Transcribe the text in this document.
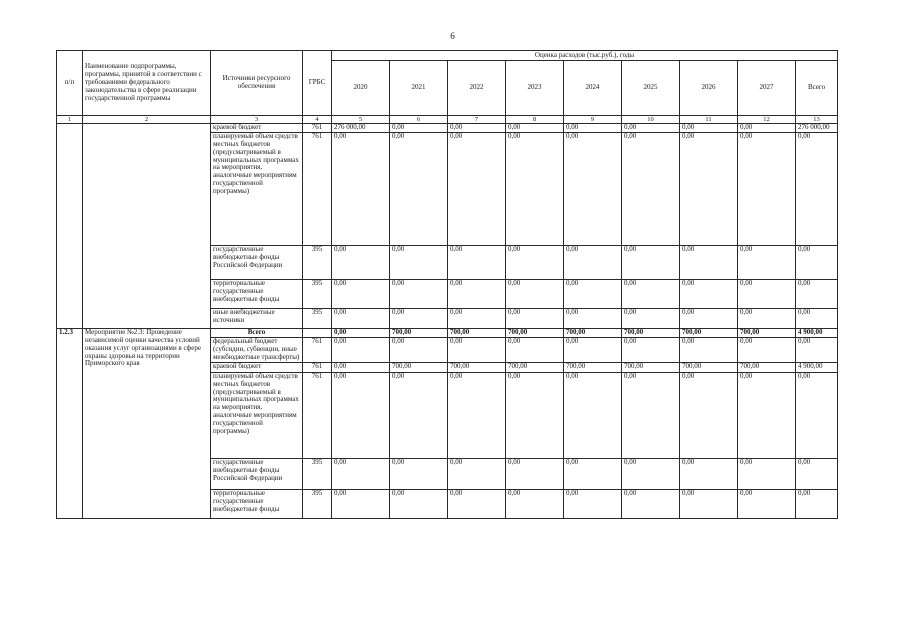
6
п/п	Наименование подпрограммы, программы, принятой в соответствии с требованиями федерального законодательства в сфере реализации государственной программы	Источники ресурсного обеспечения	ГРБС	Оценка расходов (тыс.руб.), годы								
				2020	2021	2022	2023	2024	2025	2026	2027	Всего
1	2	3	4	5	6	7	8	9	10	11	12	13
		краевой бюджет	761	276 000,00	0,00	0,00	0,00	0,00	0,00	0,00	0,00	276 000,00
		планируемый объем средств местных бюджетов (предусматриваемый в муниципальных программах на мероприятия, аналогичные мероприятиям государственной программы)	761	0,00	0,00	0,00	0,00	0,00	0,00	0,00	0,00	0,00
		государственные внебюджетные фонды Российской Федерации	395	0,00	0,00	0,00	0,00	0,00	0,00	0,00	0,00	0,00
		территориальные государственные внебюджетные фонды	395	0,00	0,00	0,00	0,00	0,00	0,00	0,00	0,00	0,00
		иные внебюджетные источники	395	0,00	0,00	0,00	0,00	0,00	0,00	0,00	0,00	0,00
1.2.3	Мероприятие №2.3: Проведение независимой оценки качества условий оказания услуг организациями в сфере охраны здоровья на территории Приморского края	Всего		0,00	700,00	700,00	700,00	700,00	700,00	700,00	700,00	4 900,00
		федеральный бюджет (субсидии, субвенции, иные межбюджетные трансферты)	761	0,00	0,00	0,00	0,00	0,00	0,00	0,00	0,00	0,00
		краевой бюджет	761	0,00	700,00	700,00	700,00	700,00	700,00	700,00	700,00	4 900,00
		планируемый объем средств местных бюджетов (предусматриваемый в муниципальных программах на мероприятия, аналогичные мероприятиям государственной программы)	761	0,00	0,00	0,00	0,00	0,00	0,00	0,00	0,00	0,00
		государственные внебюджетные фонды Российской Федерации	395	0,00	0,00	0,00	0,00	0,00	0,00	0,00	0,00	0,00
		территориальные государственные внебюджетные фонды	395	0,00	0,00	0,00	0,00	0,00	0,00	0,00	0,00	0,00
